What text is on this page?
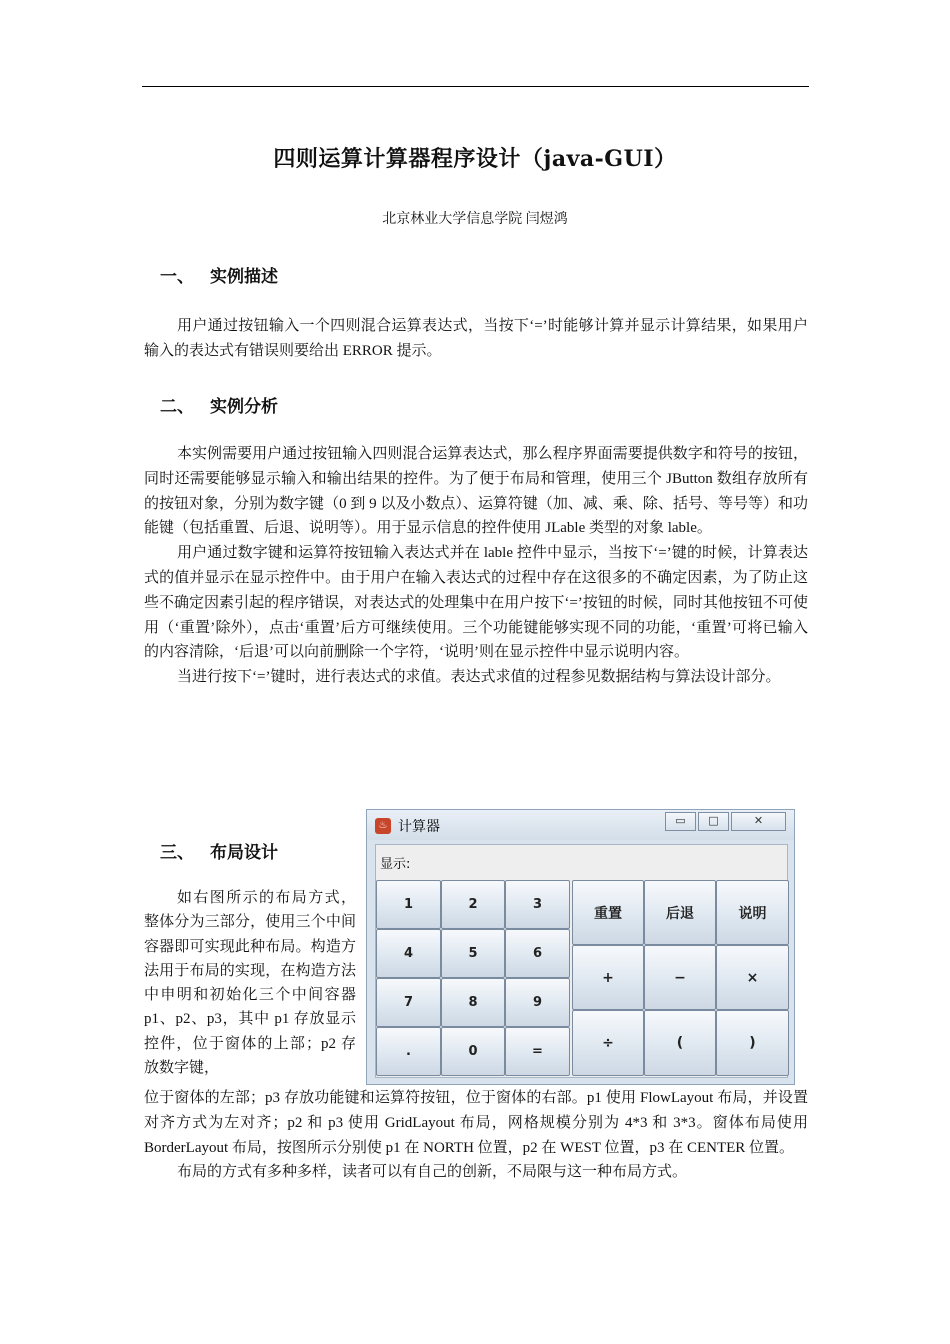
四则运算计算器程序设计（java-GUI）
北京林业大学信息学院 闫煜鸿
一、 实例描述

用户通过按钮输入一个四则混合运算表达式，当按下‘=’时能够计算并显示计算结果，如果用户输入的表达式有错误则要给出 ERROR 提示。

二、 实例分析

本实例需要用户通过按钮输入四则混合运算表达式，那么程序界面需要提供数字和符号的按钮，同时还需要能够显示输入和输出结果的控件。为了便于布局和管理，使用三个 JButton 数组存放所有的按钮对象，分别为数字键（0 到 9 以及小数点）、运算符键（加、减、乘、除、括号、等号等）和功能键（包括重置、后退、说明等）。用于显示信息的控件使用 JLable 类型的对象 lable。

用户通过数字键和运算符按钮输入表达式并在 lable 控件中显示，当按下‘=’键的时候，计算表达式的值并显示在显示控件中。由于用户在输入表达式的过程中存在这很多的不确定因素，为了防止这些不确定因素引起的程序错误，对表达式的处理集中在用户按下‘=’按钮的时候，同时其他按钮不可使用（‘重置’除外），点击‘重置’后方可继续使用。三个功能键能够实现不同的功能，‘重置’可将已输入的内容清除，‘后退’可以向前删除一个字符，‘说明’则在显示控件中显示说明内容。

当进行按下‘=’键时，进行表达式的求值。表达式求值的过程参见数据结构与算法设计部分。

三、 布局设计

如右图所示的布局方式，整体分为三部分，使用三个中间容器即可实现此种布局。构造方法用于布局的实现，在构造方法中申明和初始化三个中间容器 p1、p2、p3，其中 p1 存放显示控件，位于窗体的上部；p2 存放数字键，

位于窗体的左部；p3 存放功能键和运算符按钮，位于窗体的右部。p1 使用 FlowLayout 布局，并设置对齐方式为左对齐；p2 和 p3 使用 GridLayout 布局，网格规模分别为 4*3 和 3*3。窗体布局使用 BorderLayout 布局，按图所示分别使 p1 在 NORTH 位置，p2 在 WEST 位置，p3 在 CENTER 位置。

布局的方式有多种多样，读者可以有自己的创新，不局限与这一种布局方式。

♨ 计算器	▭	□	✕
显示:
1	2	3
4	5	6
7	8	9
.	0	=
重置	后退	说明
+	−	×
÷	(	)
